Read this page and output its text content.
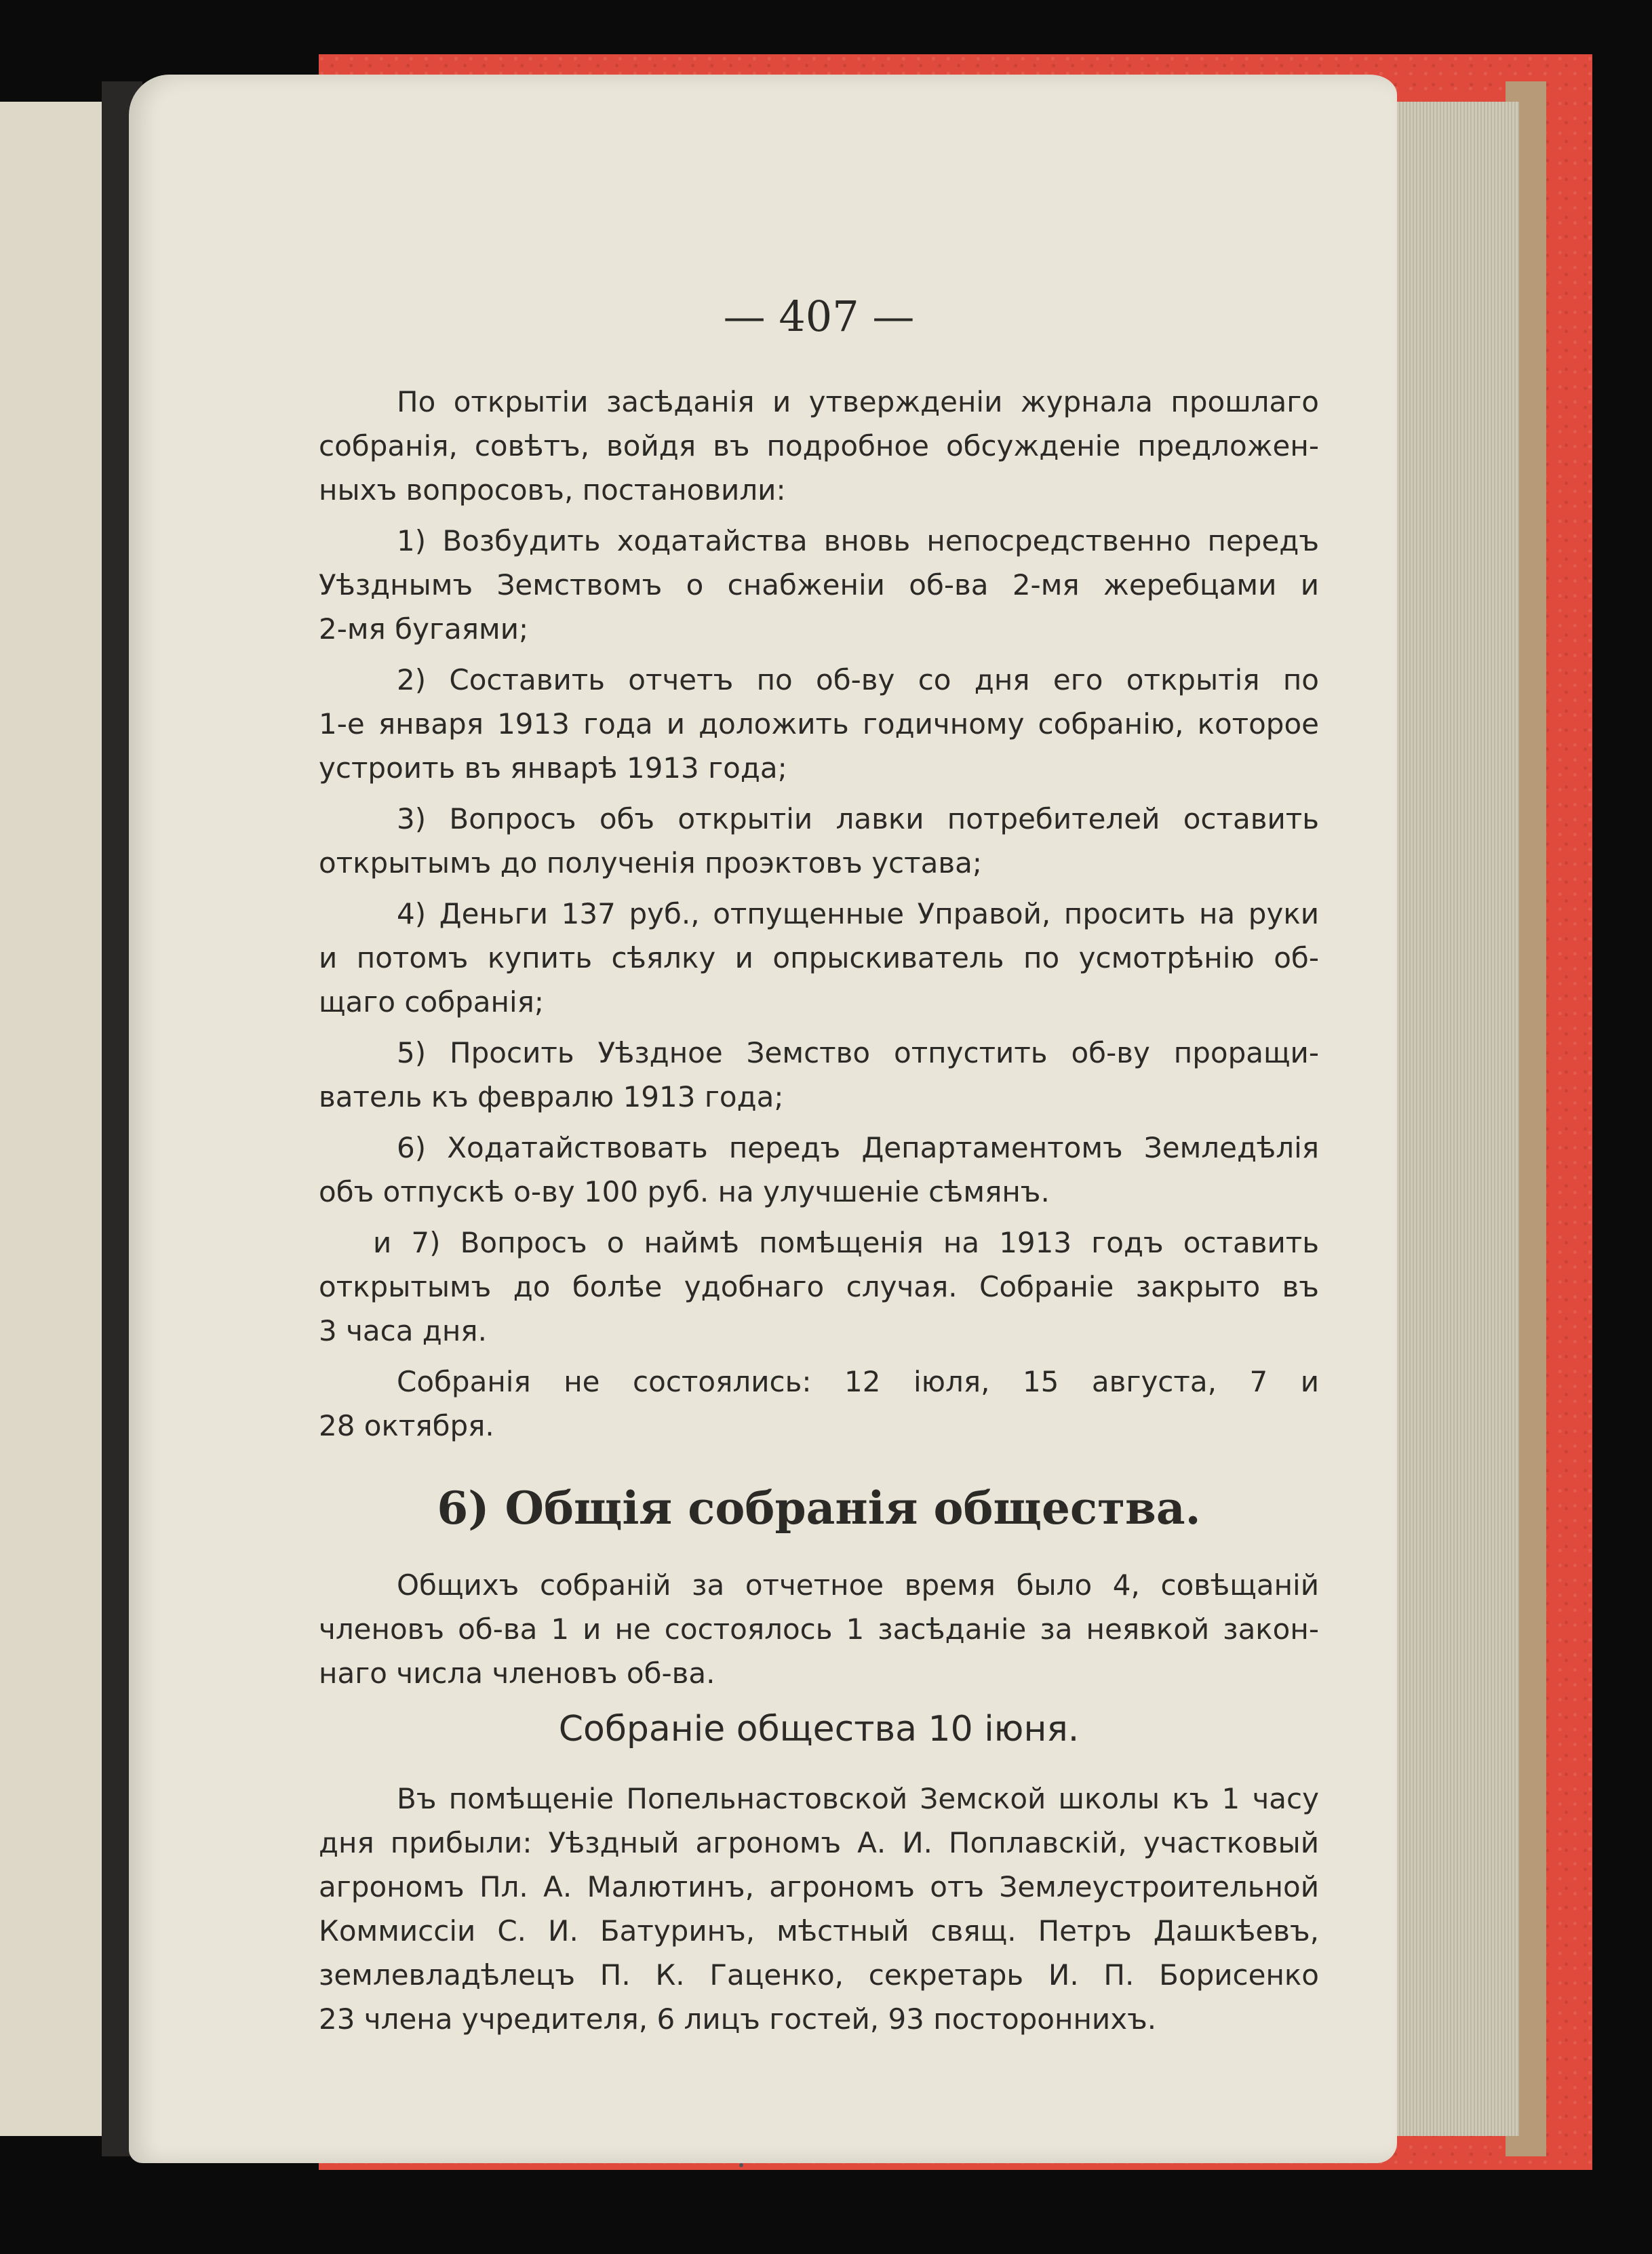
— 407 —
По открытіи засѣданія и утвержденіи журнала прошлаго
собранія, совѣтъ, войдя въ подробное обсужденіе предложен-
ныхъ вопросовъ, постановили:
1) Возбудить ходатайства вновь непосредственно передъ
Уѣзднымъ Земствомъ о снабженіи об-ва 2-мя жеребцами и
2-мя бугаями;
2) Составить отчетъ по об-ву со дня его открытія по
1-е января 1913 года и доложить годичному собранію, которое
устроить въ январѣ 1913 года;
3) Вопросъ объ открытіи лавки потребителей оставить
открытымъ до полученія проэктовъ устава;
4) Деньги 137 руб., отпущенные Управой, просить на руки
и потомъ купить сѣялку и опрыскиватель по усмотрѣнію об-
щаго собранія;
5) Просить Уѣздное Земство отпустить об-ву проращи-
ватель къ февралю 1913 года;
6) Ходатайствовать передъ Департаментомъ Земледѣлія
объ отпускѣ о-ву 100 руб. на улучшеніе сѣмянъ.
и 7) Вопросъ о наймѣ помѣщенія на 1913 годъ оставить
открытымъ до болѣе удобнаго случая. Собраніе закрыто въ
3 часа дня.
Собранія не состоялись: 12 іюля, 15 августа, 7 и
28 октября.
6) Общія собранія общества.
Общихъ собраній за отчетное время было 4, совѣщаній
членовъ об-ва 1 и не состоялось 1 засѣданіе за неявкой закон-
наго числа членовъ об-ва.
Собраніе общества 10 іюня.
Въ помѣщеніе Попельнастовской Земской школы къ 1 часу
дня прибыли: Уѣздный агрономъ А. И. Поплавскій, участковый
агрономъ Пл. А. Малютинъ, агрономъ отъ Землеустроительной
Коммиссіи С. И. Батуринъ, мѣстный свящ. Петръ Дашкѣевъ,
землевладѣлецъ П. К. Гаценко, секретарь И. П. Борисенко
23 члена учредителя, 6 лицъ гостей, 93 постороннихъ.
